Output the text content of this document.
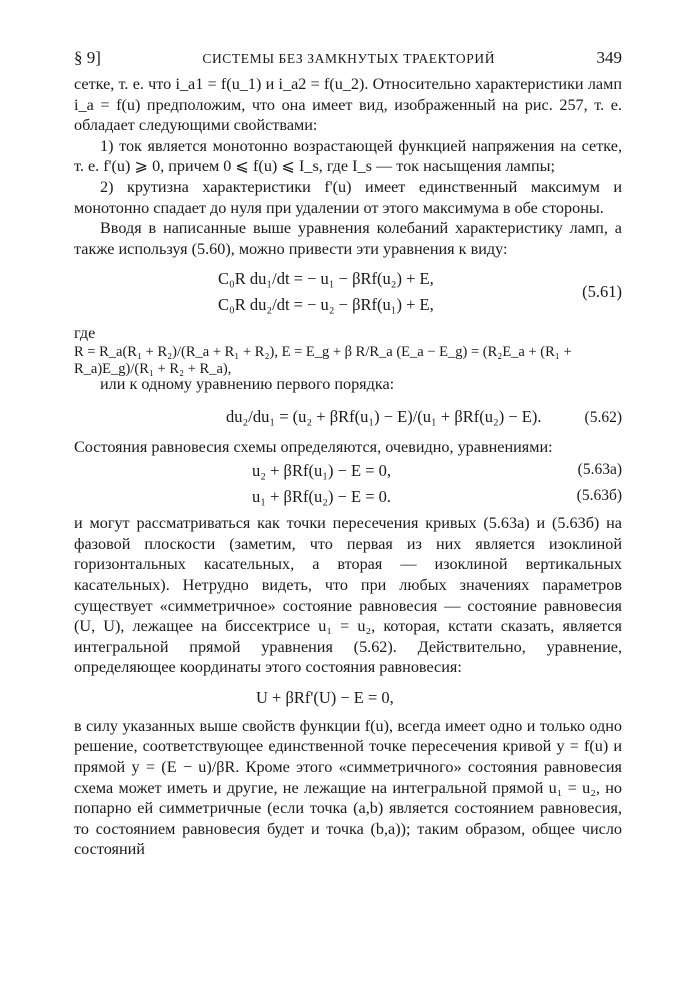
§ 9]	СИСТЕМЫ БЕЗ ЗАМКНУТЫХ ТРАЕКТОРИЙ	349

сетке, т. е. что i_a1 = f(u_1) и i_a2 = f(u_2). Относительно характеристики ламп i_a = f(u) предположим, что она имеет вид, изображенный на рис. 257, т. е. обладает следующими свойствами:

1) ток является монотонно возрастающей функцией напряжения на сетке, т. е. f'(u) ⩾ 0, причем 0 ⩽ f(u) ⩽ I_s, где I_s — ток насыщения лампы;

2) крутизна характеристики f'(u) имеет единственный максимум и монотонно спадает до нуля при удалении от этого максимума в обе стороны.

Вводя в написанные выше уравнения колебаний характеристику ламп, а также используя (5.60), можно привести эти уравнения к виду:

C₀R du₁/dt = − u₁ − βRf(u₂) + E,
C₀R du₂/dt = − u₂ − βRf(u₁) + E,
(5.61)

где

R = R_a(R₁ + R₂)/(R_a + R₁ + R₂), E = E_g + β R/R_a (E_a − E_g) = (R₂E_a + (R₁ + R_a)E_g)/(R₁ + R₂ + R_a),

или к одному уравнению первого порядка:

du₂/du₁ = (u₂ + βRf(u₁) − E)/(u₁ + βRf(u₂) − E).	(5.62)

Состояния равновесия схемы определяются, очевидно, уравнениями:

u₂ + βRf(u₁) − E = 0,	(5.63a)
u₁ + βRf(u₂) − E = 0.	(5.63б)

и могут рассматриваться как точки пересечения кривых (5.63а) и (5.63б) на фазовой плоскости (заметим, что первая из них является изоклиной горизонтальных касательных, а вторая — изоклиной вертикальных касательных). Нетрудно видеть, что при любых значениях параметров существует «симметричное» состояние равновесия — состояние равновесия (U, U), лежащее на биссектрисе u₁ = u₂, которая, кстати сказать, является интегральной прямой уравнения (5.62). Действительно, уравнение, определяющее координаты этого состояния равновесия:

U + βRf'(U) − E = 0,

в силу указанных выше свойств функции f(u), всегда имеет одно и только одно решение, соответствующее единственной точке пересечения кривой y = f(u) и прямой y = (E − u)/βR. Кроме этого «симметричного» состояния равновесия схема может иметь и другие, не лежащие на интегральной прямой u₁ = u₂, но попарно ей симметричные (если точка (a,b) является состоянием равновесия, то состоянием равновесия будет и точка (b,a)); таким образом, общее число состояний
